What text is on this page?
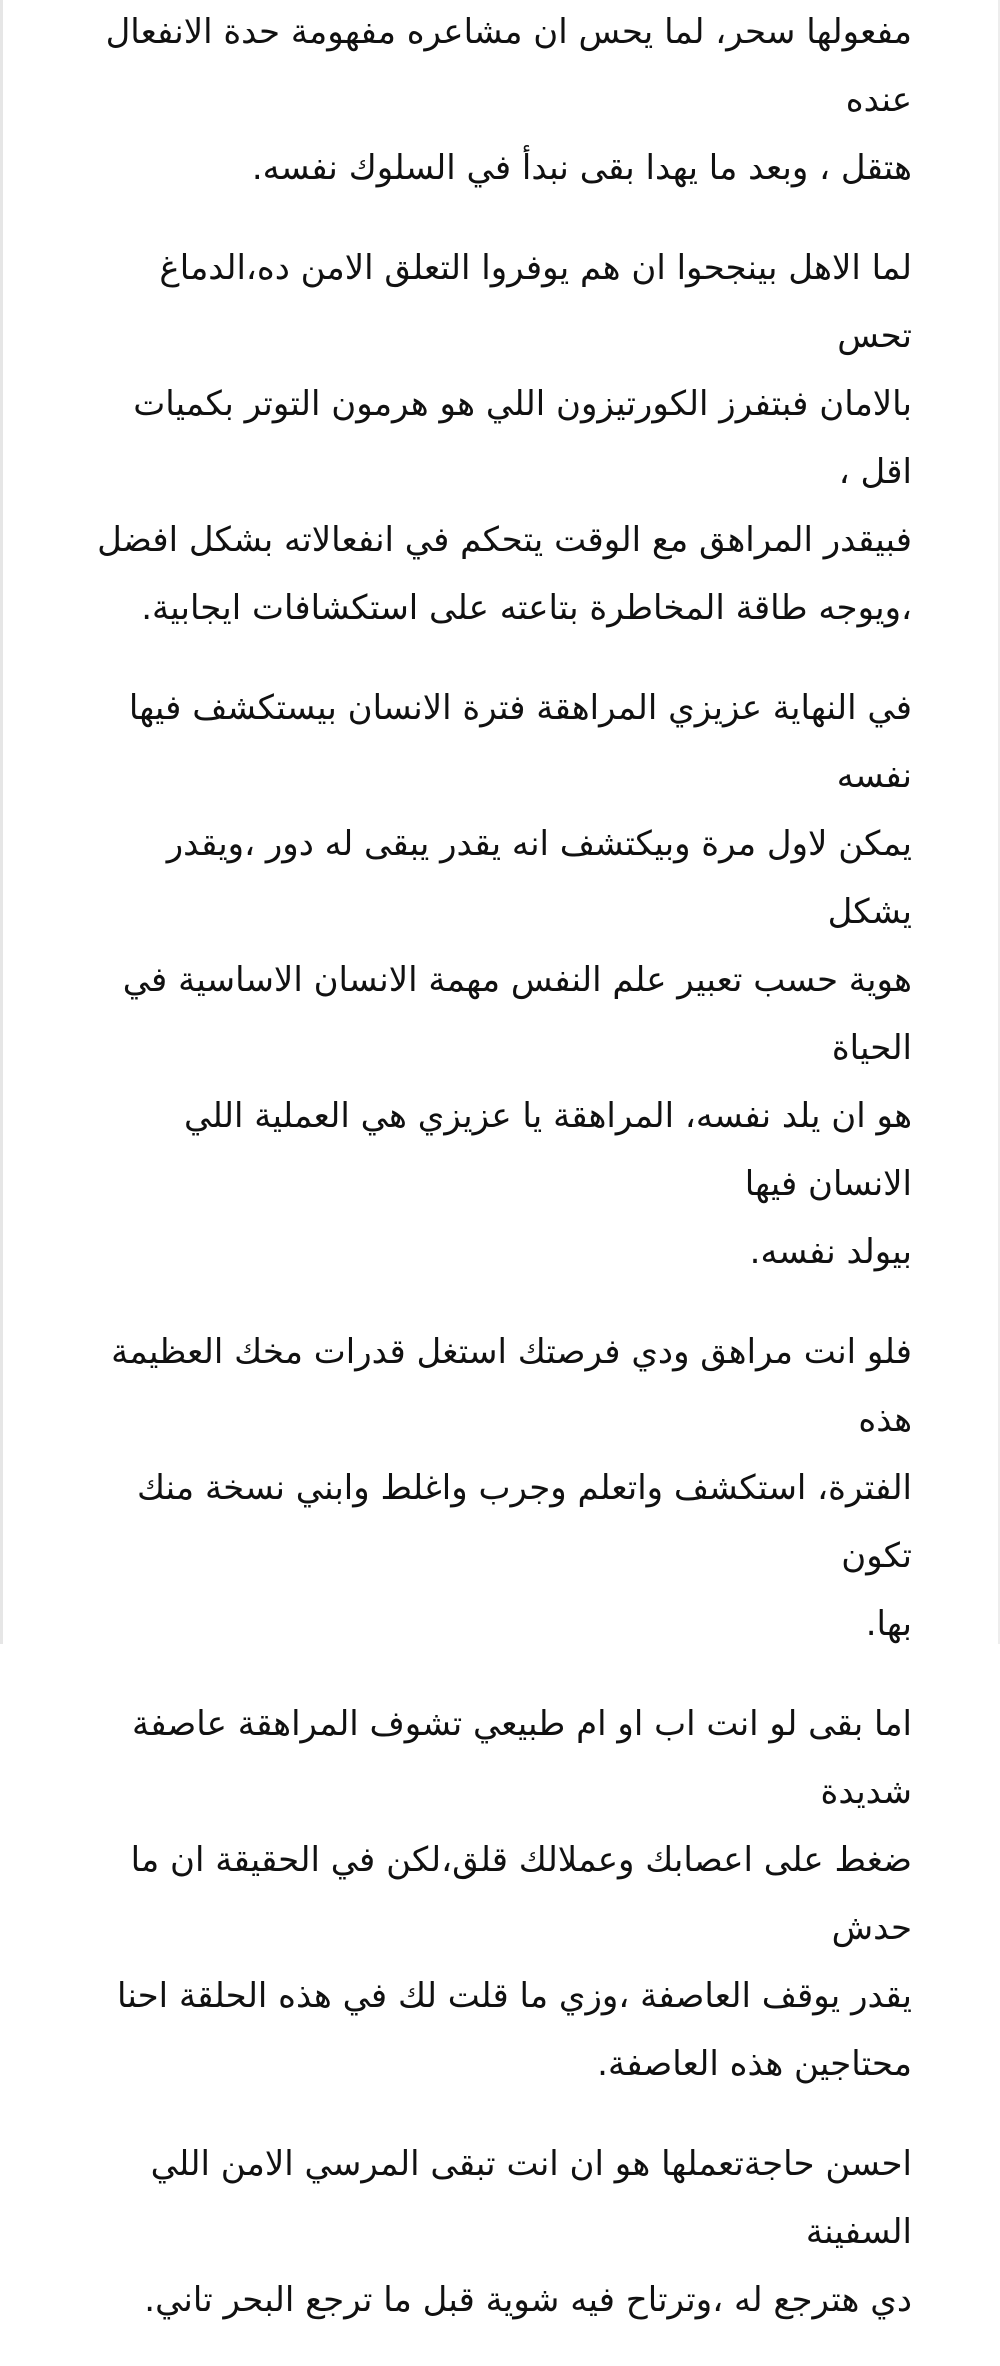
مفعولها سحر، لما يحس ان مشاعره مفهومة حدة الانفعال عنده
هتقل ، وبعد ما يهدا بقى نبدأ في السلوك نفسه.
لما الاهل بينجحوا ان هم يوفروا التعلق الامن ده،الدماغ تحس
بالامان فبتفرز الكورتيزون اللي هو هرمون التوتر بكميات اقل ،
فبيقدر المراهق مع الوقت يتحكم في انفعالاته بشكل افضل
،ويوجه طاقة المخاطرة بتاعته على استكشافات ايجابية.
في النهاية عزيزي المراهقة فترة الانسان بيستكشف فيها نفسه
يمكن لاول مرة وبيكتشف انه يقدر يبقى له دور ،ويقدر يشكل
هوية حسب تعبير علم النفس مهمة الانسان الاساسية في الحياة
هو ان يلد نفسه، المراهقة يا عزيزي هي العملية اللي الانسان فيها
بيولد نفسه.
فلو انت مراهق ودي فرصتك استغل قدرات مخك العظيمة هذه
الفترة، استكشف واتعلم وجرب واغلط وابني نسخة منك تكون
بها.
اما بقى لو انت اب او ام طبيعي تشوف المراهقة عاصفة شديدة
ضغط على اعصابك وعملالك قلق،لكن في الحقيقة ان ما حدش
يقدر يوقف العاصفة ،وزي ما قلت لك في هذه الحلقة احنا
محتاجين هذه العاصفة.
احسن حاجةتعملها هو ان انت تبقى المرسي الامن اللي السفينة
دي هترجع له ،وترتاح فيه شوية قبل ما ترجع البحر تاني.
